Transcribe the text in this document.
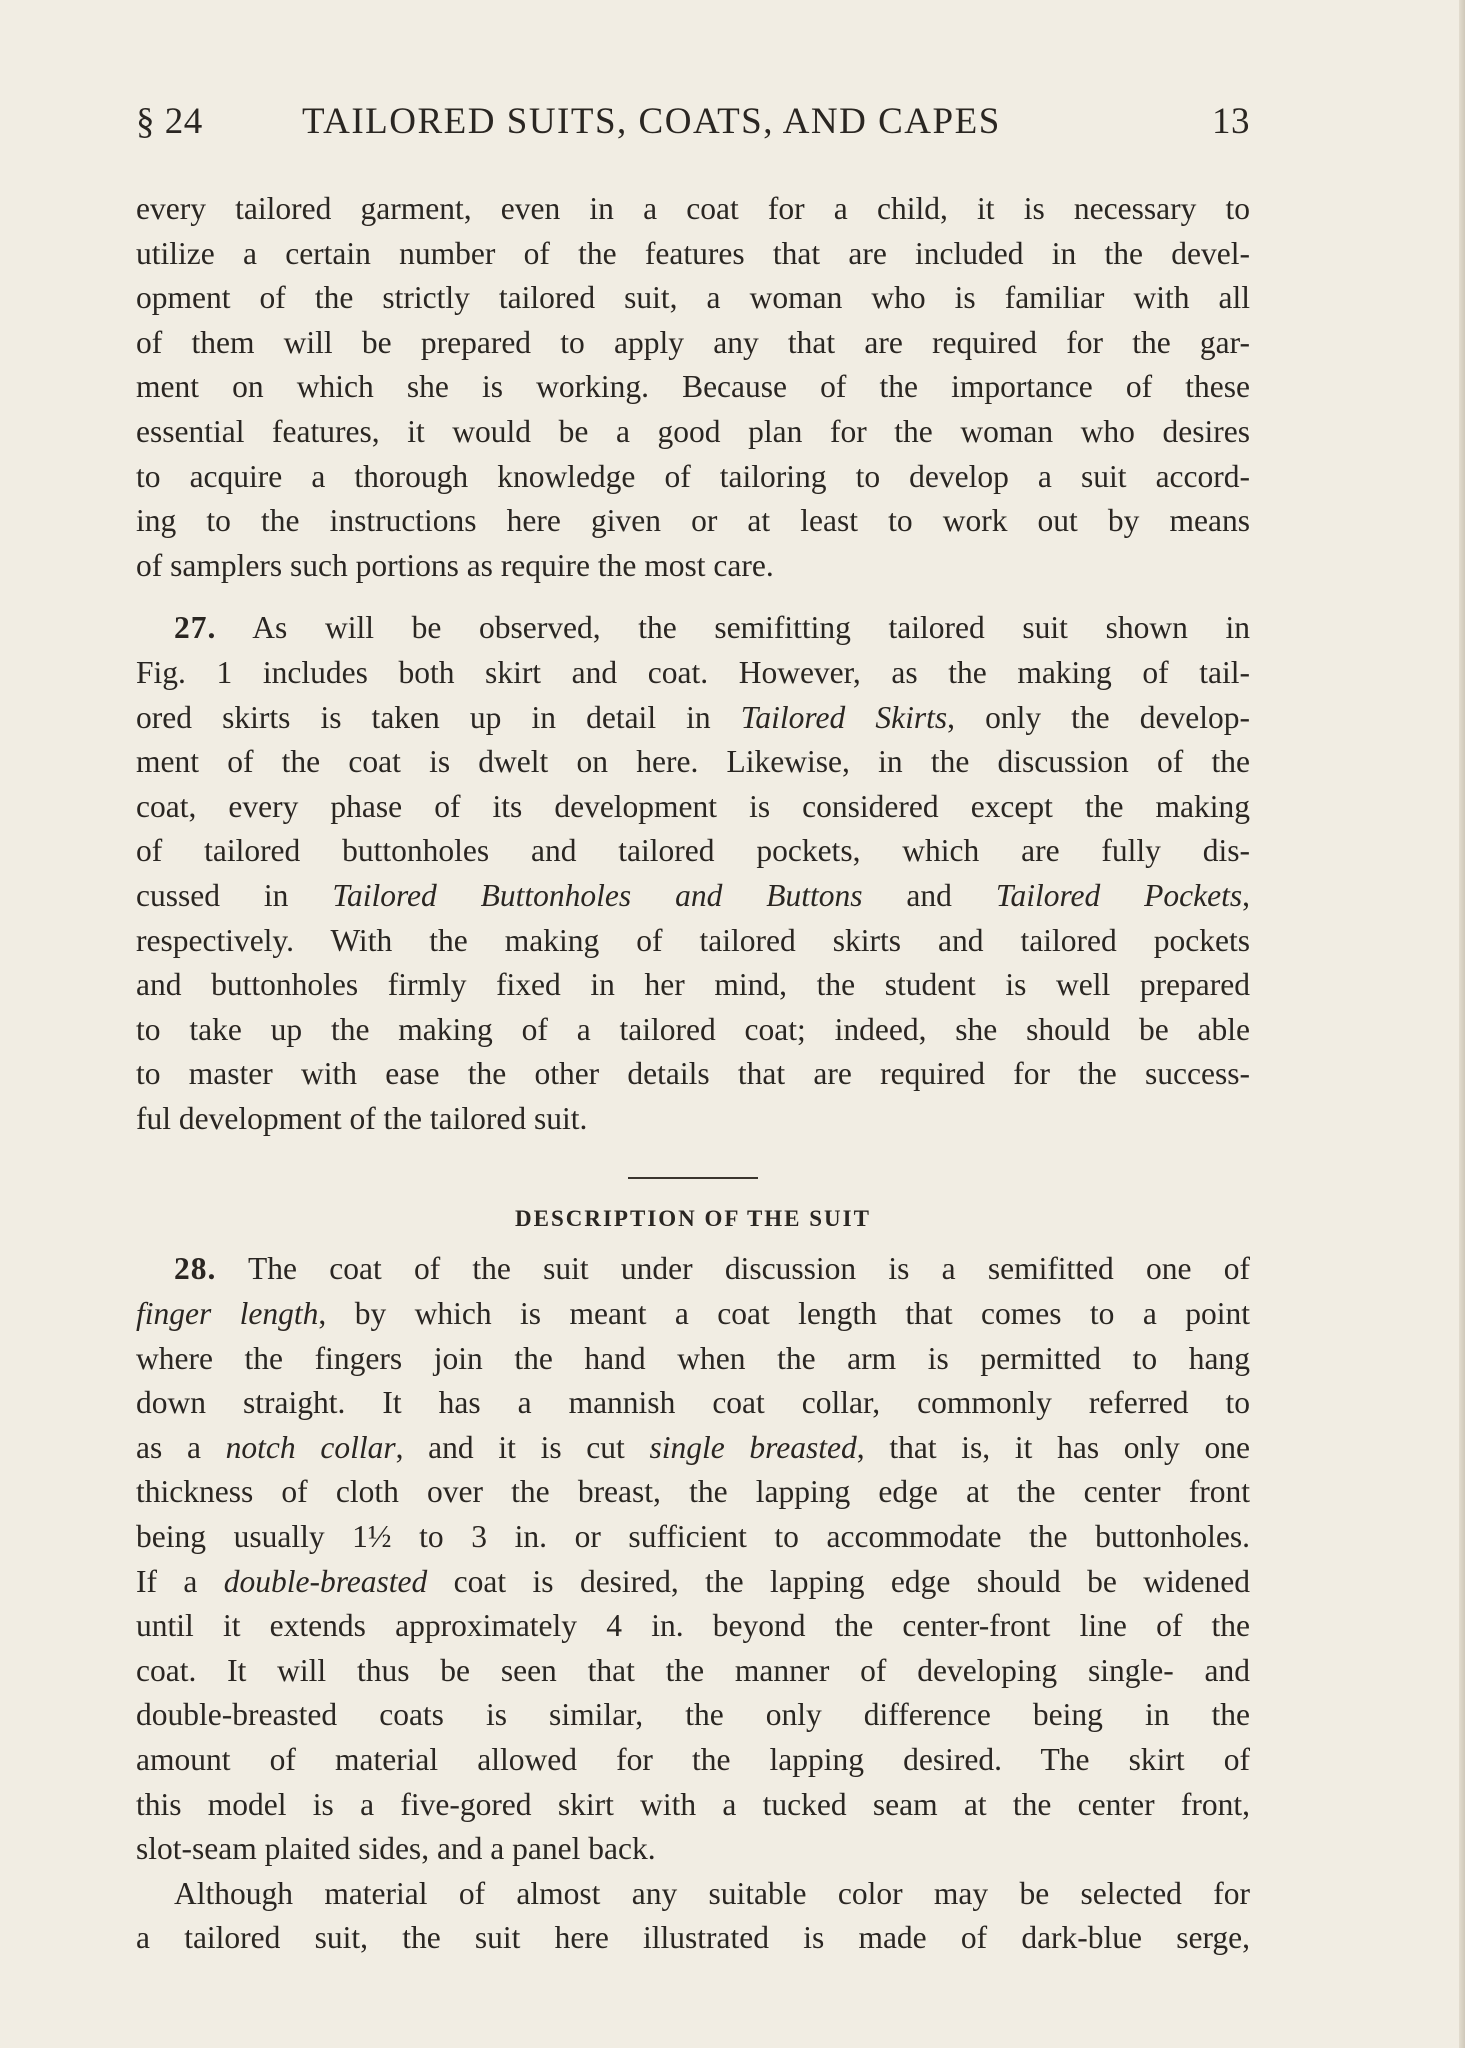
§ 24	TAILORED SUITS, COATS, AND CAPES	13

every tailored garment, even in a coat for a child, it is necessary to
utilize a certain number of the features that are included in the devel-
opment of the strictly tailored suit, a woman who is familiar with all
of them will be prepared to apply any that are required for the gar-
ment on which she is working. Because of the importance of these
essential features, it would be a good plan for the woman who desires
to acquire a thorough knowledge of tailoring to develop a suit accord-
ing to the instructions here given or at least to work out by means
of samplers such portions as require the most care.

27. As will be observed, the semifitting tailored suit shown in
Fig. 1 includes both skirt and coat. However, as the making of tail-
ored skirts is taken up in detail in Tailored Skirts, only the develop-
ment of the coat is dwelt on here. Likewise, in the discussion of the
coat, every phase of its development is considered except the making
of tailored buttonholes and tailored pockets, which are fully dis-
cussed in Tailored Buttonholes and Buttons and Tailored Pockets,
respectively. With the making of tailored skirts and tailored pockets
and buttonholes firmly fixed in her mind, the student is well prepared
to take up the making of a tailored coat; indeed, she should be able
to master with ease the other details that are required for the success-
ful development of the tailored suit.

DESCRIPTION OF THE SUIT

28. The coat of the suit under discussion is a semifitted one of
finger length, by which is meant a coat length that comes to a point
where the fingers join the hand when the arm is permitted to hang
down straight. It has a mannish coat collar, commonly referred to
as a notch collar, and it is cut single breasted, that is, it has only one
thickness of cloth over the breast, the lapping edge at the center front
being usually 1½ to 3 in. or sufficient to accommodate the buttonholes.
If a double-breasted coat is desired, the lapping edge should be widened
until it extends approximately 4 in. beyond the center-front line of the
coat. It will thus be seen that the manner of developing single- and
double-breasted coats is similar, the only difference being in the
amount of material allowed for the lapping desired. The skirt of
this model is a five-gored skirt with a tucked seam at the center front,
slot-seam plaited sides, and a panel back.

Although material of almost any suitable color may be selected for
a tailored suit, the suit here illustrated is made of dark-blue serge,
